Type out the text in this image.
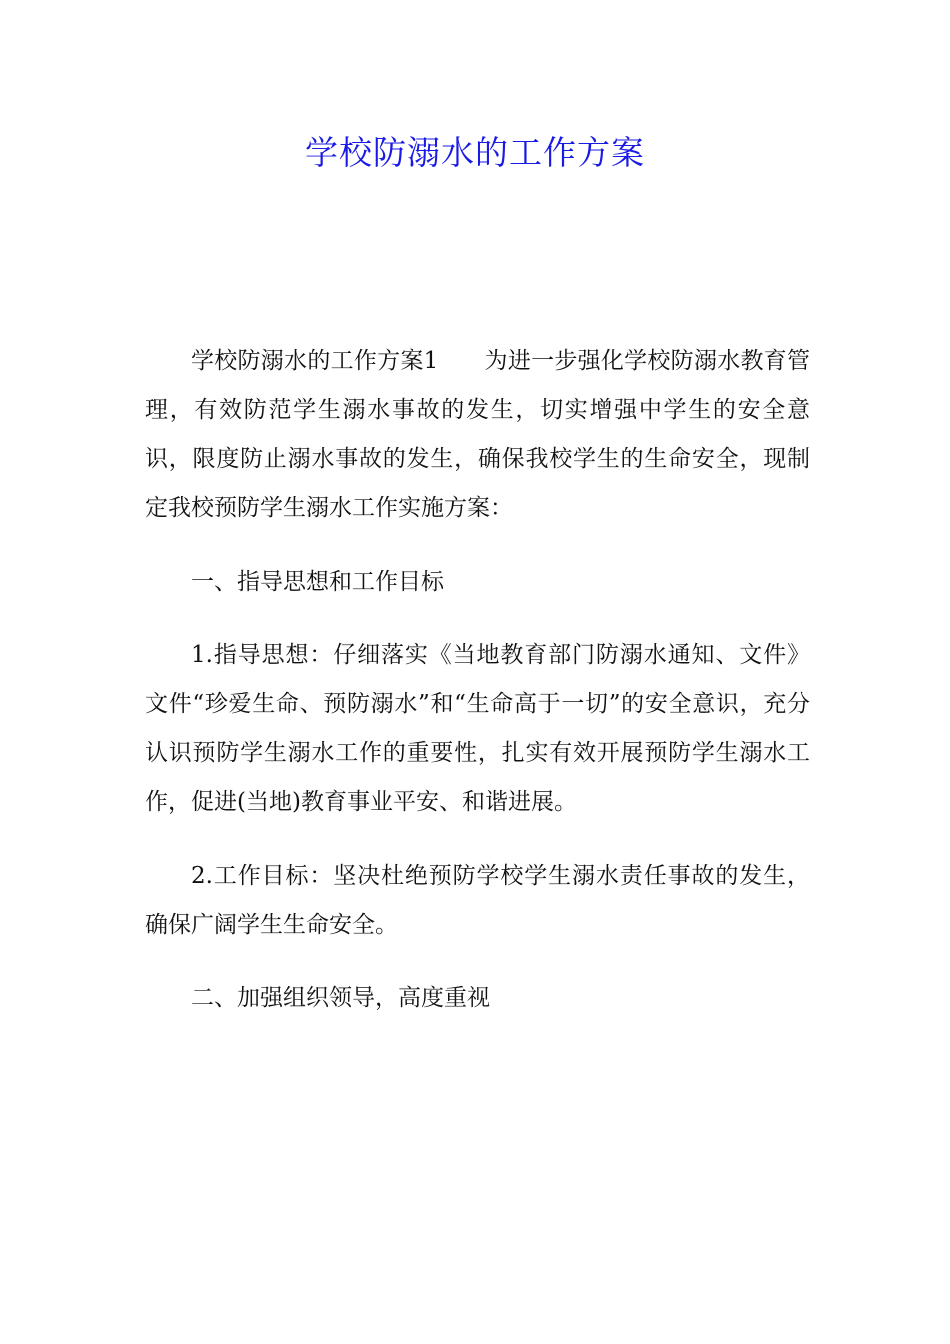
学校防溺水的工作方案

学校防溺水的工作方案1 为进一步强化学校防溺水教育管理，有效防范学生溺水事故的发生，切实增强中学生的安全意识，限度防止溺水事故的发生，确保我校学生的生命安全，现制定我校预防学生溺水工作实施方案：

一、指导思想和工作目标

1.指导思想：仔细落实《当地教育部门防溺水通知、文件》文件“珍爱生命、预防溺水”和“生命高于一切”的安全意识，充分认识预防学生溺水工作的重要性，扎实有效开展预防学生溺水工作，促进(当地)教育事业平安、和谐进展。

2.工作目标：坚决杜绝预防学校学生溺水责任事故的发生，确保广阔学生生命安全。

二、加强组织领导，高度重视
